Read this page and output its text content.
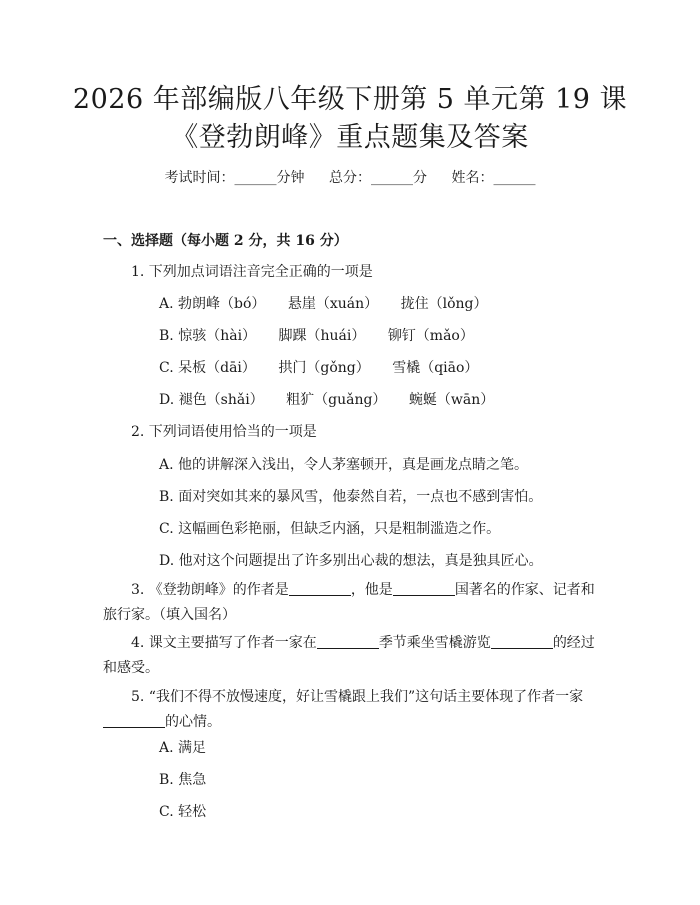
2026 年部编版八年级下册第 5 单元第 19 课
《登勃朗峰》重点题集及答案
考试时间：______分钟 总分：______分 姓名：______
一、选择题（每小题 2 分，共 16 分）
1. 下列加点词语注音完全正确的一项是
A. 勃朗峰（bó） 悬崖（xuán） 拢住（lǒng）
B. 惊骇（hài） 脚踝（huái） 铆钉（mǎo）
C. 呆板（dāi） 拱门（gǒng） 雪橇（qiāo）
D. 褪色（shǎi） 粗犷（guǎng） 蜿蜒（wān）
2. 下列词语使用恰当的一项是
A. 他的讲解深入浅出，令人茅塞顿开，真是画龙点睛之笔。
B. 面对突如其来的暴风雪，他泰然自若，一点也不感到害怕。
C. 这幅画色彩艳丽，但缺乏内涵，只是粗制滥造之作。
D. 他对这个问题提出了许多别出心裁的想法，真是独具匠心。
3. 《登勃朗峰》的作者是	，他是	国著名的作家、记者和旅行家。（填入国名）
4. 课文主要描写了作者一家在	季节乘坐雪橇游览	的经过和感受。
5. “我们不得不放慢速度，好让雪橇跟上我们”这句话主要体现了作者一家的心情。
A. 满足
B. 焦急
C. 轻松
